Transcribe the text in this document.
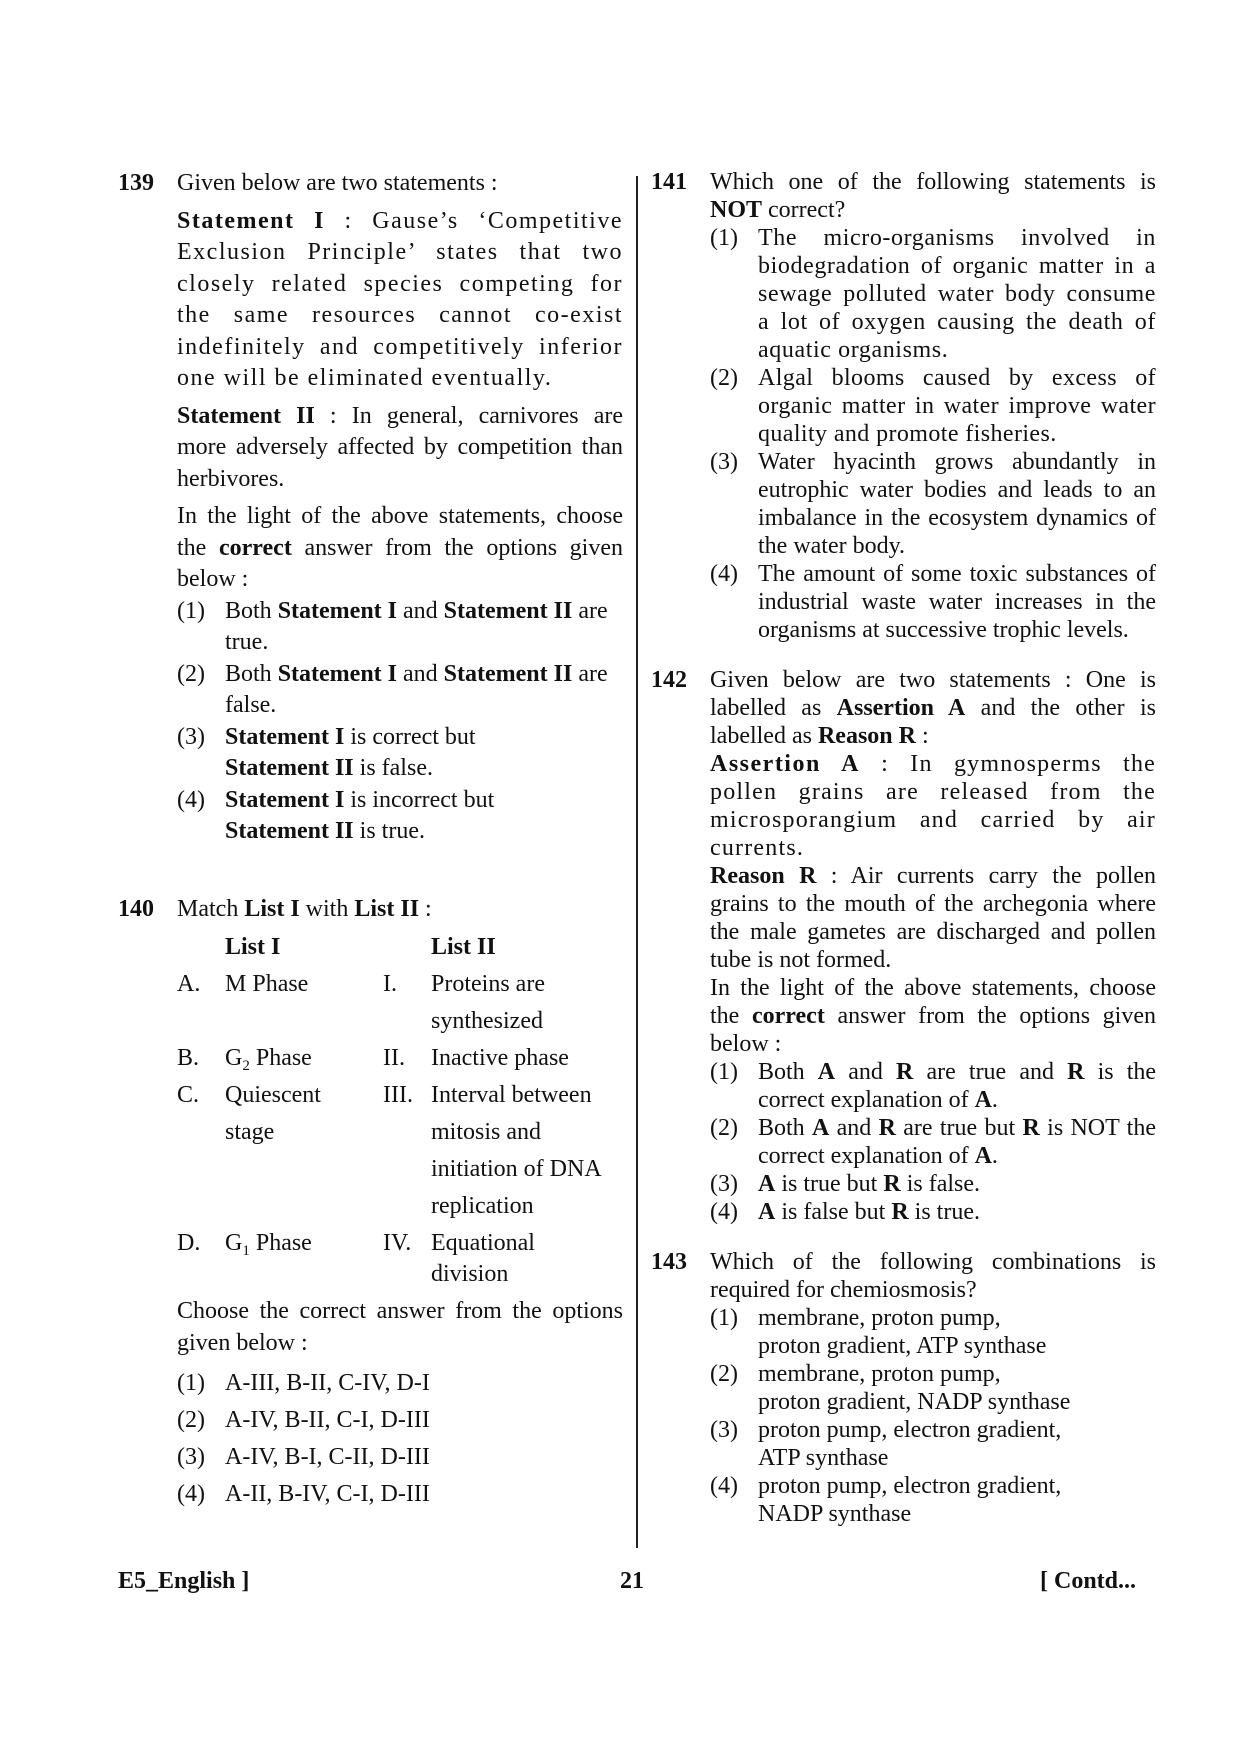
139 Given below are two statements :

Statement I : Gause’s ‘Competitive Exclusion Principle’ states that two closely related species competing for the same resources cannot co-exist indefinitely and competitively inferior one will be eliminated eventually.

Statement II : In general, carnivores are more adversely affected by competition than herbivores.

In the light of the above statements, choose the correct answer from the options given below :

(1) Both Statement I and Statement II are true.

(2) Both Statement I and Statement II are false.

(3) Statement I is correct but Statement II is false.

(4) Statement I is incorrect but Statement II is true.

140 Match List I with List II :

	List I		List II
A.	M Phase	I.	Proteins are synthesized
B.	$G_2$ Phase	II.	Inactive phase
C.	Quiescent stage	III.	Interval between mitosis and initiation of DNA replication
D.	$G_1$ Phase	IV.	Equational division

Choose the correct answer from the options given below :

(1) A-III, B-II, C-IV, D-I

(2) A-IV, B-II, C-I, D-III

(3) A-IV, B-I, C-II, D-III

(4) A-II, B-IV, C-I, D-III

141 Which one of the following statements is NOT correct?

(1) The micro-organisms involved in biodegradation of organic matter in a sewage polluted water body consume a lot of oxygen causing the death of aquatic organisms.

(2) Algal blooms caused by excess of organic matter in water improve water quality and promote fisheries.

(3) Water hyacinth grows abundantly in eutrophic water bodies and leads to an imbalance in the ecosystem dynamics of the water body.

(4) The amount of some toxic substances of industrial waste water increases in the organisms at successive trophic levels.

142 Given below are two statements : One is labelled as Assertion A and the other is labelled as Reason R :

Assertion A : In gymnosperms the pollen grains are released from the microsporangium and carried by air currents.

Reason R : Air currents carry the pollen grains to the mouth of the archegonia where the male gametes are discharged and pollen tube is not formed.

In the light of the above statements, choose the correct answer from the options given below :

(1) Both A and R are true and R is the correct explanation of A.

(2) Both A and R are true but R is NOT the correct explanation of A.

(3) A is true but R is false.

(4) A is false but R is true.

143 Which of the following combinations is required for chemiosmosis?

(1) membrane, proton pump,
proton gradient, ATP synthase

(2) membrane, proton pump,
proton gradient, NADP synthase

(3) proton pump, electron gradient,
ATP synthase

(4) proton pump, electron gradient,
NADP synthase

E5_English ]	21	[ Contd...
